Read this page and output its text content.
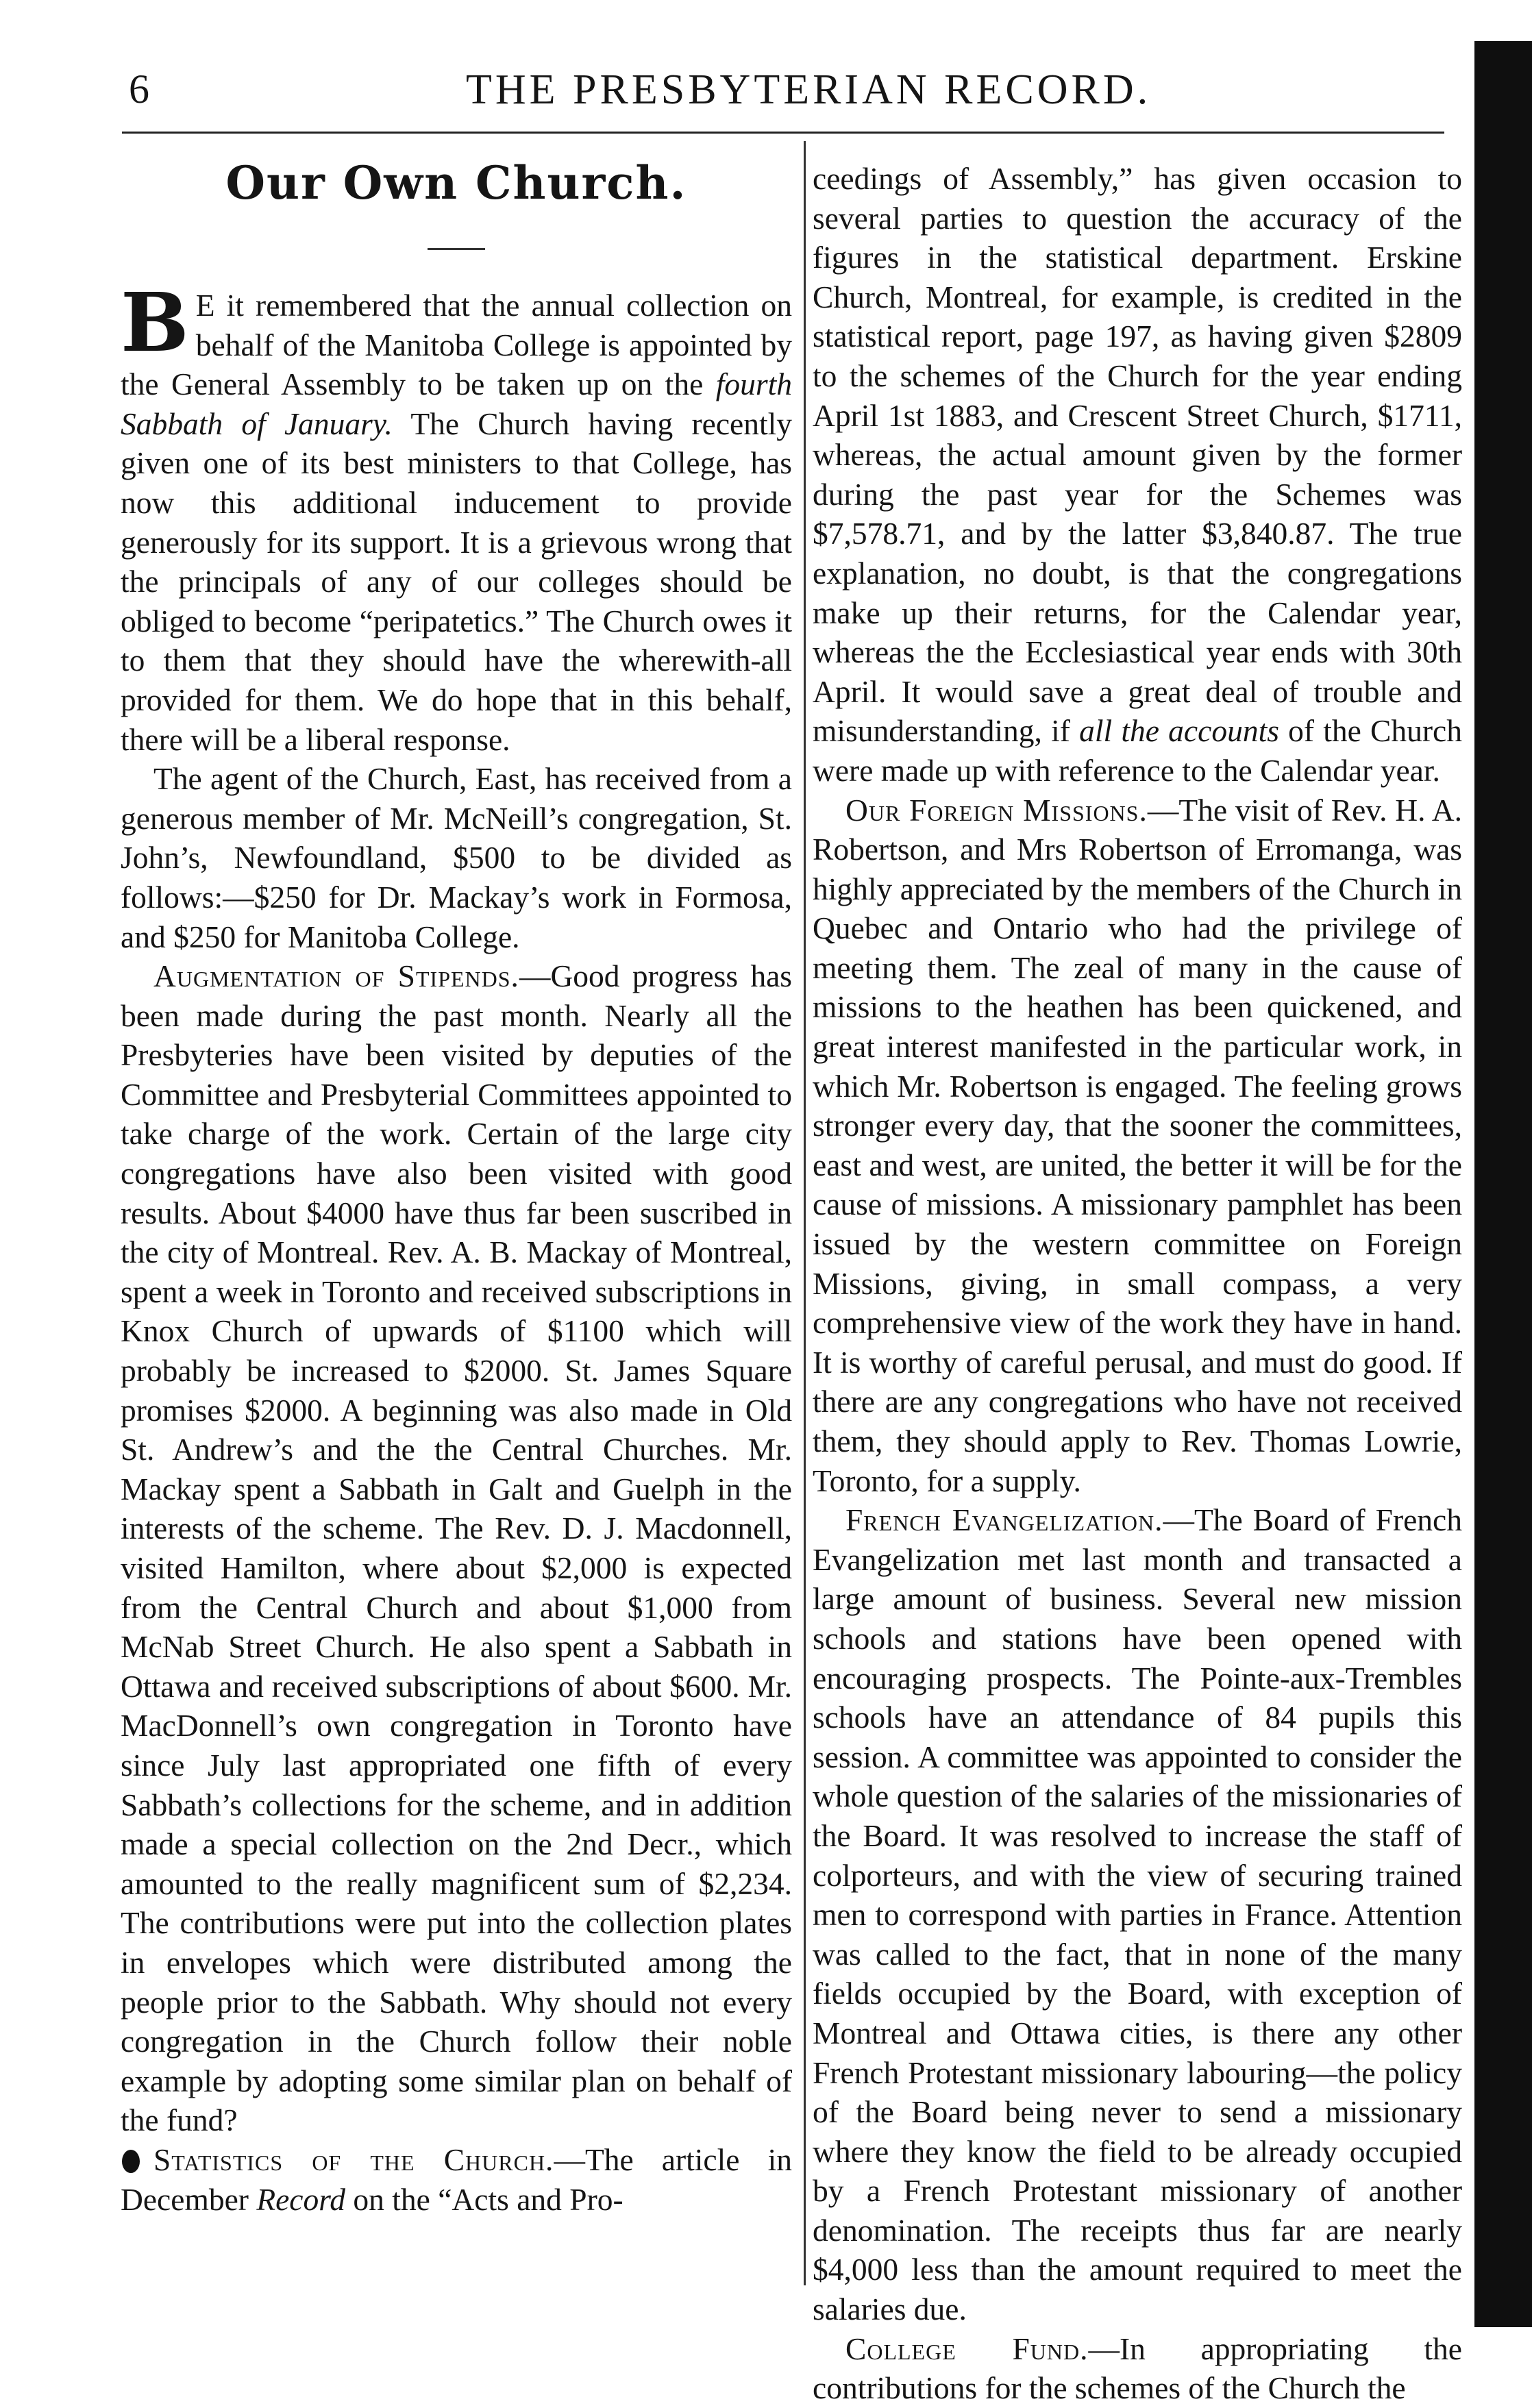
6	THE PRESBYTERIAN RECORD.
Our Own Church.

B E it remembered that the annual collection on behalf of the Manitoba College is appointed by the General Assembly to be taken up on the fourth Sabbath of January. The Church having recently given one of its best ministers to that College, has now this additional inducement to provide generously for its support. It is a grievous wrong that the principals of any of our colleges should be obliged to become “peripatetics.” The Church owes it to them that they should have the wherewith-all provided for them. We do hope that in this behalf, there will be a liberal response.

The agent of the Church, East, has received from a generous member of Mr. McNeill’s congregation, St. John’s, Newfoundland, $500 to be divided as follows:—$250 for Dr. Mackay’s work in Formosa, and $250 for Manitoba College.

Augmentation of Stipends.—Good progress has been made during the past month. Nearly all the Presbyteries have been visited by deputies of the Committee and Presbyterial Committees appointed to take charge of the work. Certain of the large city congregations have also been visited with good results. About $4000 have thus far been suscribed in the city of Montreal. Rev. A. B. Mackay of Montreal, spent a week in Toronto and received subscriptions in Knox Church of upwards of $1100 which will probably be increased to $2000. St. James Square promises $2000. A beginning was also made in Old St. Andrew’s and the the Central Churches. Mr. Mackay spent a Sabbath in Galt and Guelph in the interests of the scheme. The Rev. D. J. Macdonnell, visited Hamilton, where about $2,000 is expected from the Central Church and about $1,000 from McNab Street Church. He also spent a Sabbath in Ottawa and received subscriptions of about $600. Mr. MacDonnell’s own congregation in Toronto have since July last appropriated one fifth of every Sabbath’s collections for the scheme, and in addition made a special collection on the 2nd Decr., which amounted to the really magnificent sum of $2,234. The contributions were put into the collection plates in envelopes which were distributed among the people prior to the Sabbath. Why should not every congregation in the Church follow their noble example by adopting some similar plan on behalf of the fund?

Statistics of the Church.—The article in December Record on the “Acts and Pro-

ceedings of Assembly,” has given occasion to several parties to question the accuracy of the figures in the statistical department. Erskine Church, Montreal, for example, is credited in the statistical report, page 197, as having given $2809 to the schemes of the Church for the year ending April 1st 1883, and Crescent Street Church, $1711, whereas, the actual amount given by the former during the past year for the Schemes was $7,578.71, and by the latter $3,840.87. The true explanation, no doubt, is that the congregations make up their returns, for the Calendar year, whereas the the Ecclesiastical year ends with 30th April. It would save a great deal of trouble and misunderstanding, if all the accounts of the Church were made up with reference to the Calendar year.

Our Foreign Missions.—The visit of Rev. H. A. Robertson, and Mrs Robertson of Erromanga, was highly appreciated by the members of the Church in Quebec and Ontario who had the privilege of meeting them. The zeal of many in the cause of missions to the heathen has been quickened, and great interest manifested in the particular work, in which Mr. Robertson is engaged. The feeling grows stronger every day, that the sooner the committees, east and west, are united, the better it will be for the cause of missions. A missionary pamphlet has been issued by the western committee on Foreign Missions, giving, in small compass, a very comprehensive view of the work they have in hand. It is worthy of careful perusal, and must do good. If there are any congregations who have not received them, they should apply to Rev. Thomas Lowrie, Toronto, for a supply.

French Evangelization.—The Board of French Evangelization met last month and transacted a large amount of business. Several new mission schools and stations have been opened with encouraging prospects. The Pointe-aux-Trembles schools have an attendance of 84 pupils this session. A committee was appointed to consider the whole question of the salaries of the missionaries of the Board. It was resolved to increase the staff of colporteurs, and with the view of securing trained men to correspond with parties in France. Attention was called to the fact, that in none of the many fields occupied by the Board, with exception of Montreal and Ottawa cities, is there any other French Protestant missionary labouring—the policy of the Board being never to send a missionary where they know the field to be already occupied by a French Protestant missionary of another denomination. The receipts thus far are nearly $4,000 less than the amount required to meet the salaries due.

College Fund.—In appropriating the contributions for the schemes of the Church the
